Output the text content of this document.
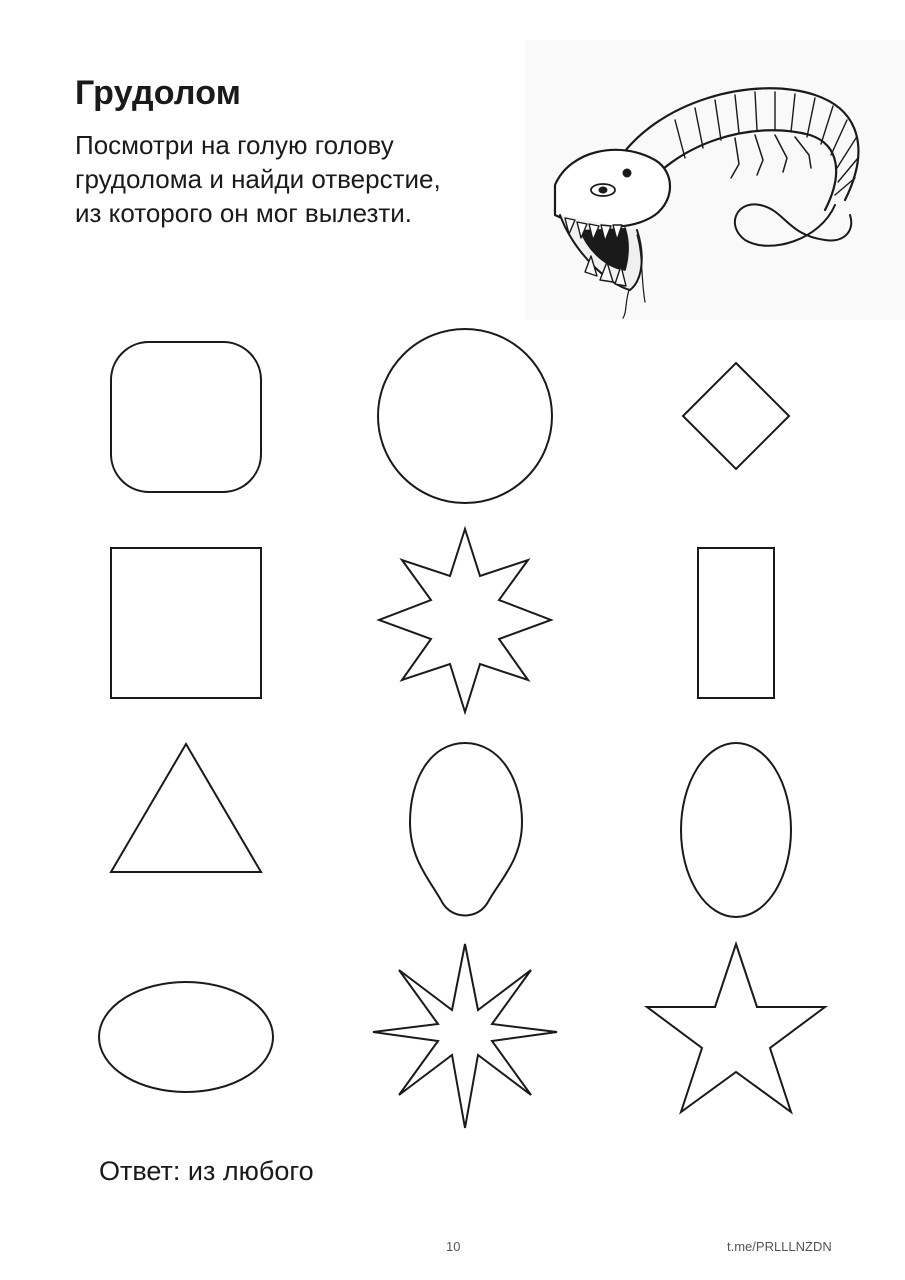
Грудолом
Посмотри на голую голову
грудолома и найди отверстие,
из которого он мог вылезти.
Ответ: из любого
10	t.me/PRLLLNZDN
